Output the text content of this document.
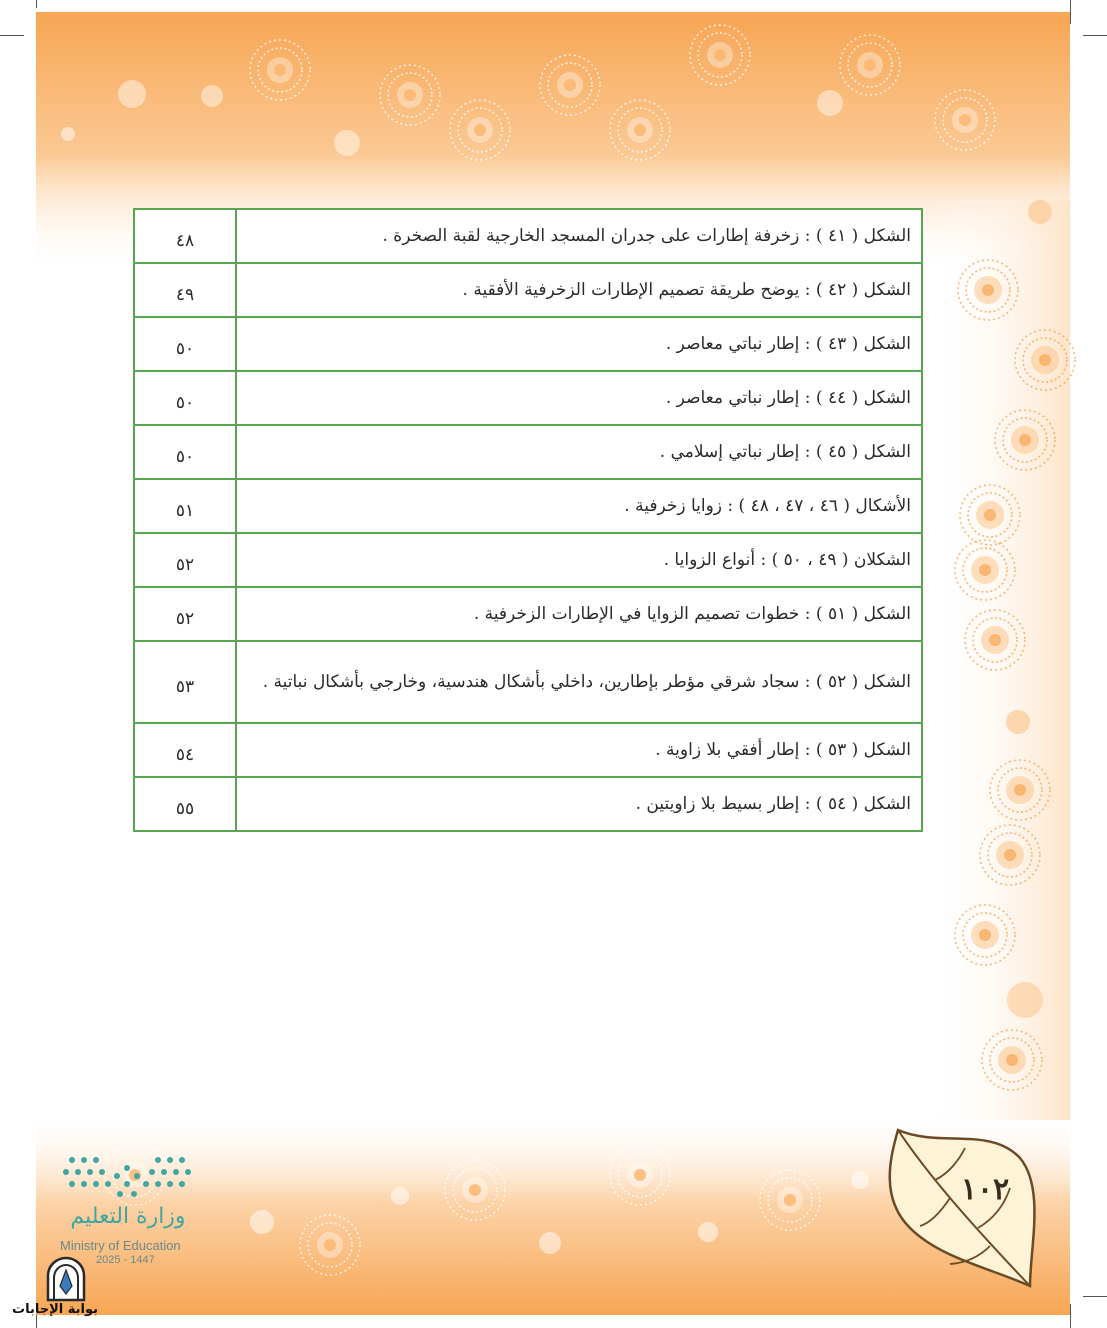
الشكل ( ٤١ ) : زخرفة إطارات على جدران المسجد الخارجية لقبة الصخرة .	٤٨
الشكل ( ٤٢ ) : يوضح طريقة تصميم الإطارات الزخرفية الأفقية .	٤٩
الشكل ( ٤٣ ) : إطار نباتي معاصر .	٥٠
الشكل ( ٤٤ ) : إطار نباتي معاصر .	٥٠
الشكل ( ٤٥ ) : إطار نباتي إسلامي .	٥٠
الأشكال ( ٤٦ ، ٤٧ ، ٤٨ ) : زوايا زخرفية .	٥١
الشكلان ( ٤٩ ، ٥٠ ) : أنواع الزوايا .	٥٢
الشكل ( ٥١ ) : خطوات تصميم الزوايا في الإطارات الزخرفية .	٥٢
الشكل ( ٥٢ ) : سجاد شرقي مؤطر بإطارين، داخلي بأشكال هندسية، وخارجي بأشكال نباتية .	٥٣
الشكل ( ٥٣ ) : إطار أفقي بلا زاوية .	٥٤
الشكل ( ٥٤ ) : إطار بسيط بلا زاويتين .	٥٥
١٠٢
وزارة التعليم
Ministry of Education
2025 - 1447
بوابة الإجابات
